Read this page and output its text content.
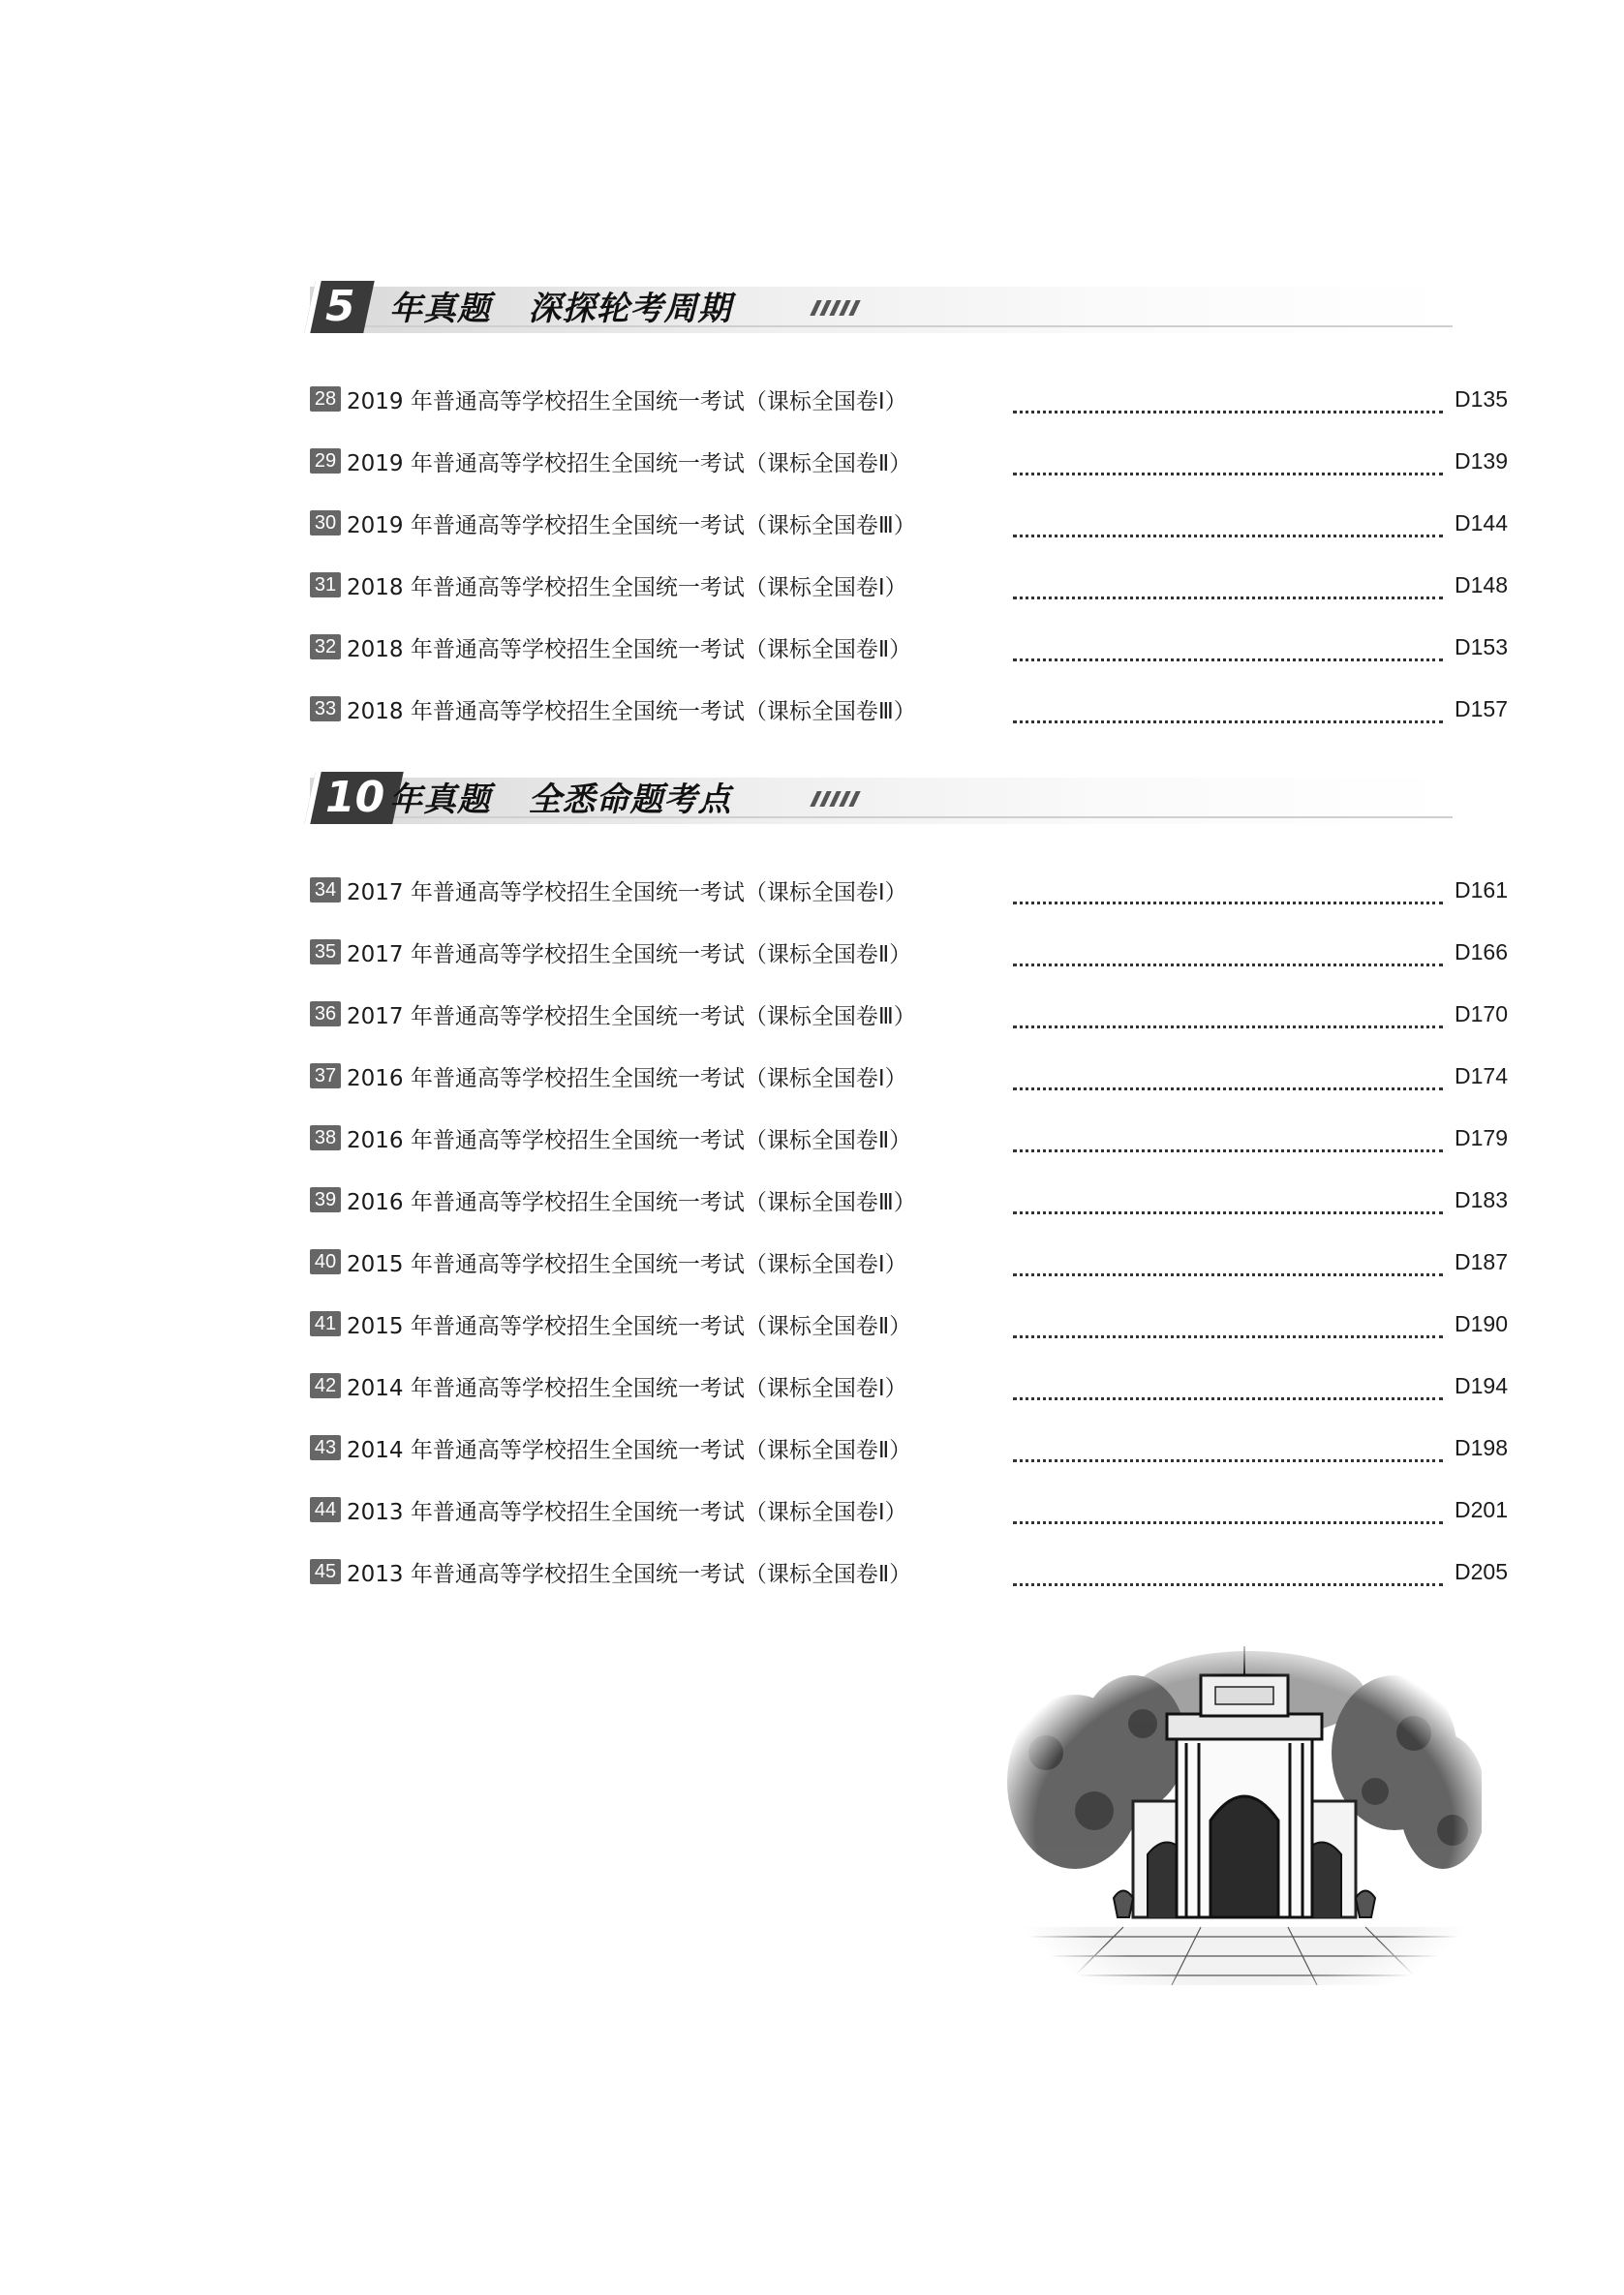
5	年真题   深探轮考周期
28 2019 年普通高等学校招生全国统一考试（课标全国卷Ⅰ）	D135
29 2019 年普通高等学校招生全国统一考试（课标全国卷Ⅱ）	D139
30 2019 年普通高等学校招生全国统一考试（课标全国卷Ⅲ）	D144
31 2018 年普通高等学校招生全国统一考试（课标全国卷Ⅰ）	D148
32 2018 年普通高等学校招生全国统一考试（课标全国卷Ⅱ）	D153
33 2018 年普通高等学校招生全国统一考试（课标全国卷Ⅲ）	D157
10 年真题   全悉命题考点
34 2017 年普通高等学校招生全国统一考试（课标全国卷Ⅰ）	D161
35 2017 年普通高等学校招生全国统一考试（课标全国卷Ⅱ）	D166
36 2017 年普通高等学校招生全国统一考试（课标全国卷Ⅲ）	D170
37 2016 年普通高等学校招生全国统一考试（课标全国卷Ⅰ）	D174
38 2016 年普通高等学校招生全国统一考试（课标全国卷Ⅱ）	D179
39 2016 年普通高等学校招生全国统一考试（课标全国卷Ⅲ）	D183
40 2015 年普通高等学校招生全国统一考试（课标全国卷Ⅰ）	D187
41 2015 年普通高等学校招生全国统一考试（课标全国卷Ⅱ）	D190
42 2014 年普通高等学校招生全国统一考试（课标全国卷Ⅰ）	D194
43 2014 年普通高等学校招生全国统一考试（课标全国卷Ⅱ）	D198
44 2013 年普通高等学校招生全国统一考试（课标全国卷Ⅰ）	D201
45 2013 年普通高等学校招生全国统一考试（课标全国卷Ⅱ）	D205
